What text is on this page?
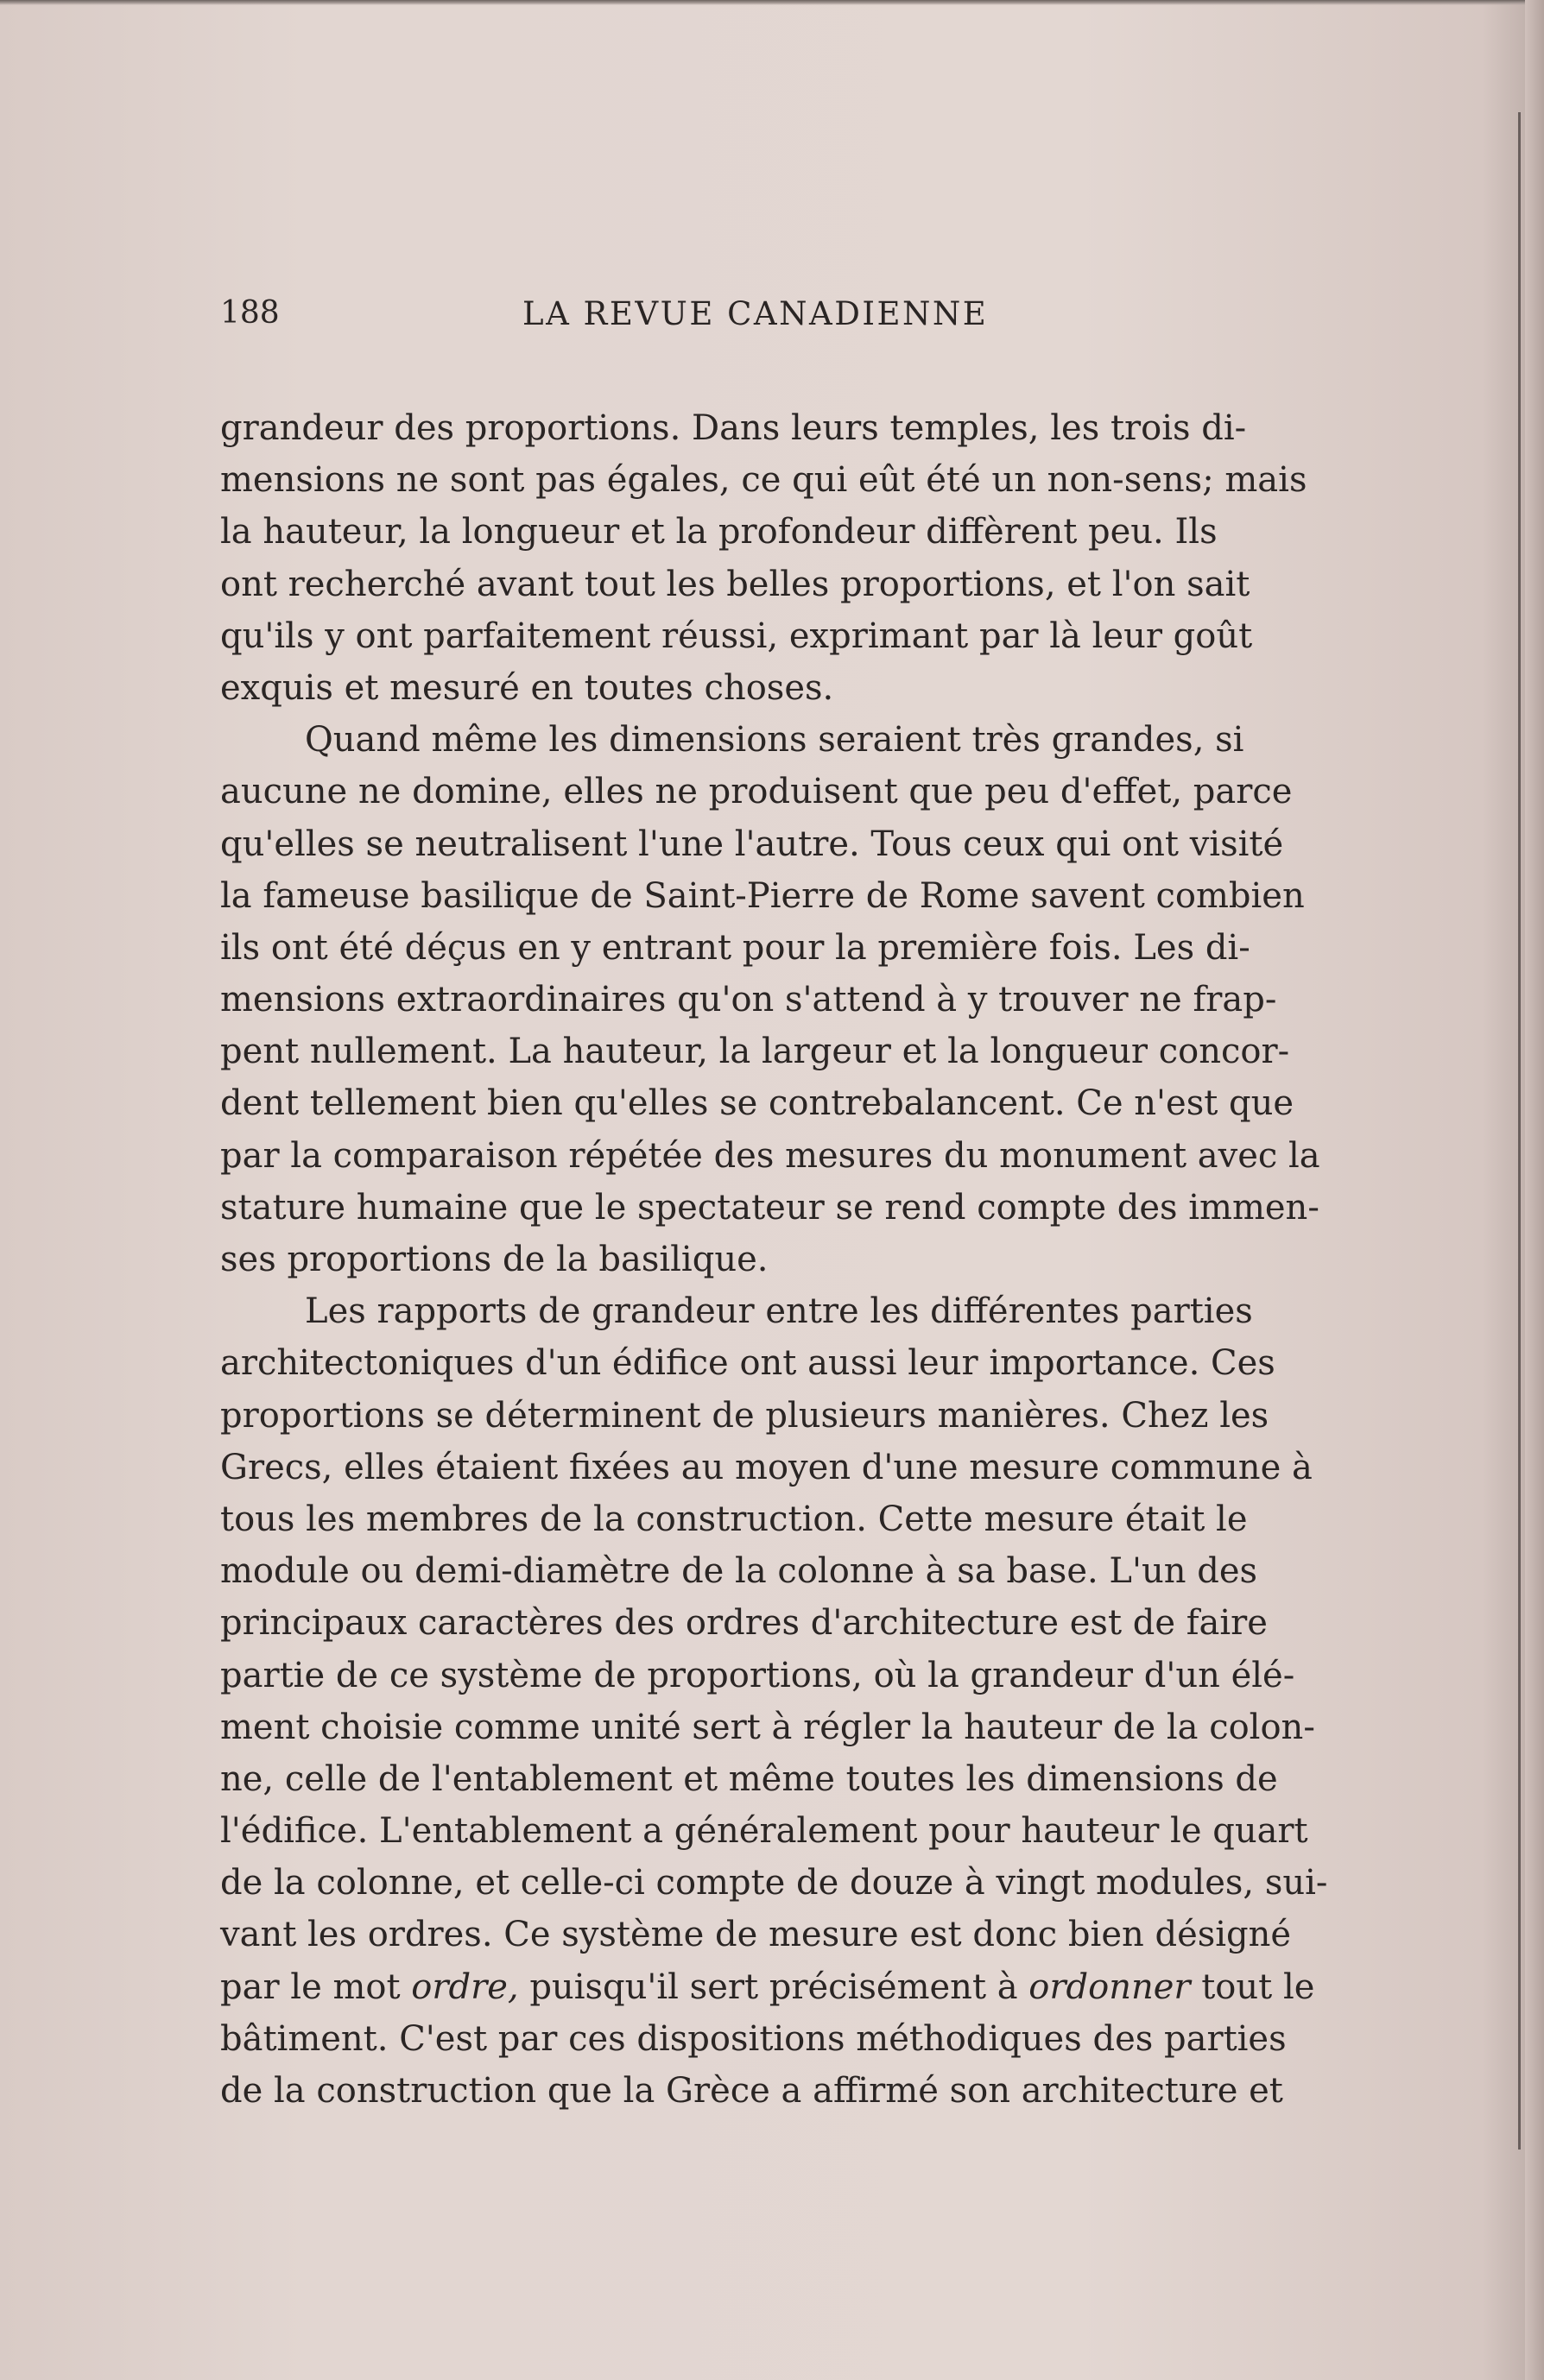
188	LA REVUE CANADIENNE
grandeur des proportions. Dans leurs temples, les trois di-
mensions ne sont pas égales, ce qui eût été un non-sens; mais
la hauteur, la longueur et la profondeur diffèrent peu. Ils
ont recherché avant tout les belles proportions, et l'on sait
qu'ils y ont parfaitement réussi, exprimant par là leur goût
exquis et mesuré en toutes choses.
Quand même les dimensions seraient très grandes, si
aucune ne domine, elles ne produisent que peu d'effet, parce
qu'elles se neutralisent l'une l'autre. Tous ceux qui ont visité
la fameuse basilique de Saint-Pierre de Rome savent combien
ils ont été déçus en y entrant pour la première fois. Les di-
mensions extraordinaires qu'on s'attend à y trouver ne frap-
pent nullement. La hauteur, la largeur et la longueur concor-
dent tellement bien qu'elles se contrebalancent. Ce n'est que
par la comparaison répétée des mesures du monument avec la
stature humaine que le spectateur se rend compte des immen-
ses proportions de la basilique.
Les rapports de grandeur entre les différentes parties
architectoniques d'un édifice ont aussi leur importance. Ces
proportions se déterminent de plusieurs manières. Chez les
Grecs, elles étaient fixées au moyen d'une mesure commune à
tous les membres de la construction. Cette mesure était le
module ou demi-diamètre de la colonne à sa base. L'un des
principaux caractères des ordres d'architecture est de faire
partie de ce système de proportions, où la grandeur d'un élé-
ment choisie comme unité sert à régler la hauteur de la colon-
ne, celle de l'entablement et même toutes les dimensions de
l'édifice. L'entablement a généralement pour hauteur le quart
de la colonne, et celle-ci compte de douze à vingt modules, sui-
vant les ordres. Ce système de mesure est donc bien désigné
par le mot ordre, puisqu'il sert précisément à ordonner tout le
bâtiment. C'est par ces dispositions méthodiques des parties
de la construction que la Grèce a affirmé son architecture et
